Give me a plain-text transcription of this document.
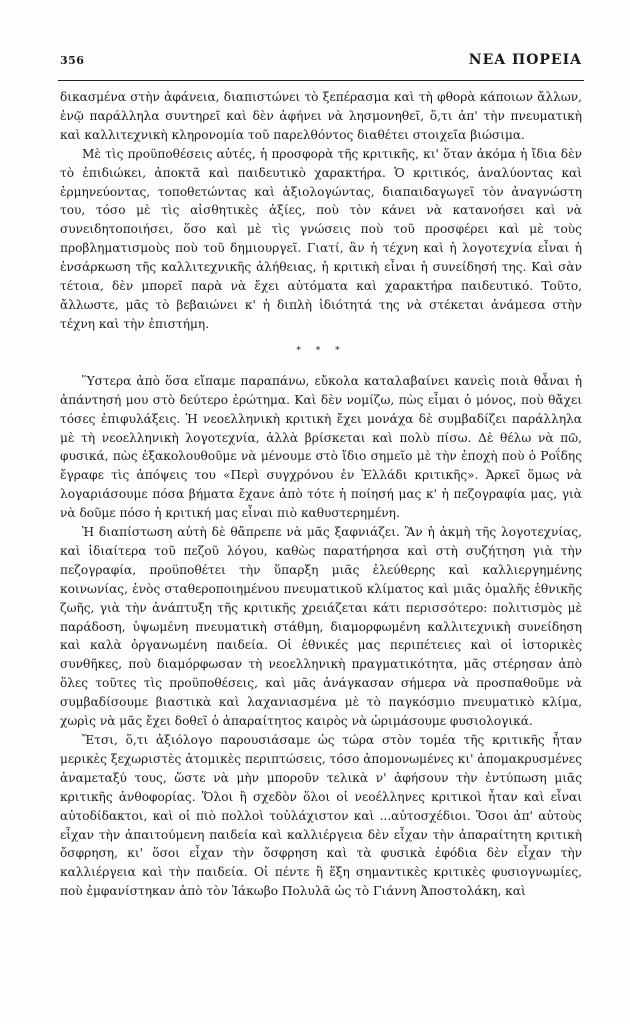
356	ΝΕΑ ΠΟΡΕΙΑ

δικασμένα στὴν ἀφάνεια, διαπιστώνει τὸ ξεπέρασμα καὶ τὴ φθορὰ κάποιων ἄλλων, ἐνῷ παράλληλα συντηρεῖ καὶ δὲν ἀφήνει νὰ λησμονηθεῖ, ὅ,τι ἀπ' τὴν πνευματικὴ καὶ καλλιτεχνικὴ κληρονομία τοῦ παρελθόντος διαθέτει στοιχεῖα βιώσιμα.

Μὲ τὶς προϋποθέσεις αὐτές, ἡ προσφορὰ τῆς κριτικῆς, κι' ὅταν ἀκόμα ἡ ἴδια δὲν τὸ ἐπιδιώκει, ἀποκτᾶ καὶ παιδευτικὸ χαρακτήρα. Ὁ κριτικός, ἀναλύοντας καὶ ἑρμηνεύοντας, τοποθετώντας καὶ ἀξιολογώντας, διαπαιδαγωγεῖ τὸν ἀναγνώστη του, τόσο μὲ τὶς αἰσθητικὲς ἀξίες, ποὺ τὸν κάνει νὰ κατανοήσει καὶ νὰ συνειδητοποιήσει, ὅσο καὶ μὲ τὶς γνώσεις ποὺ τοῦ προσφέρει καὶ μὲ τοὺς προβληματισμοὺς ποὺ τοῦ δημιουργεῖ. Γιατί, ἂν ἡ τέχνη καὶ ἡ λογοτεχνία εἶναι ἡ ἐνσάρκωση τῆς καλλιτεχνικῆς ἀλήθειας, ἡ κριτικὴ εἶναι ἡ συνείδησή της. Καὶ σὰν τέτοια, δὲν μπορεῖ παρὰ νὰ ἔχει αὐτόματα καὶ χαρακτήρα παιδευτικό. Τοῦτο, ἄλλωστε, μᾶς τὸ βεβαιώνει κ' ἡ διπλὴ ἰδιότητά της νὰ στέκεται ἀνάμεσα στὴν τέχνη καὶ τὴν ἐπιστήμη.

* * *

Ὕστερα ἀπὸ ὅσα εἴπαμε παραπάνω, εὔκολα καταλαβαίνει κανεὶς ποιὰ θἆναι ἡ ἀπάντησή μου στὸ δεύτερο ἐρώτημα. Καὶ δὲν νομίζω, πὼς εἶμαι ὁ μόνος, ποὺ θἄχει τόσες ἐπιφυλάξεις. Ἡ νεοελληνικὴ κριτικὴ ἔχει μονάχα δὲ συμβαδίζει παράλληλα μὲ τὴ νεοελληνικὴ λογοτεχνία, ἀλλὰ βρίσκεται καὶ πολὺ πίσω. Δὲ θέλω νὰ πῶ, φυσικά, πὼς ἐξακολουθοῦμε νὰ μένουμε στὸ ἴδιο σημεῖο μὲ τὴν ἐποχὴ ποὺ ὁ Ροΐδης ἔγραφε τὶς ἀπόψεις του «Περὶ συγχρόνου ἐν Ἑλλάδι κριτικῆς». Ἀρκεῖ ὅμως νὰ λογαριάσουμε πόσα βήματα ἔχανε ἀπὸ τότε ἡ ποίησή μας κ' ἡ πεζογραφία μας, γιὰ νὰ δοῦμε πόσο ἡ κριτική μας εἶναι πιὸ καθυστερημένη.

Ἡ διαπίστωση αὐτὴ δὲ θἄπρεπε νὰ μᾶς ξαφνιάζει. Ἂν ἡ ἀκμὴ τῆς λογοτεχνίας, καὶ ἰδιαίτερα τοῦ πεζοῦ λόγου, καθὼς παρατήρησα καὶ στὴ συζήτηση γιὰ τὴν πεζογραφία, προϋποθέτει τὴν ὕπαρξη μιᾶς ἐλεύθερης καὶ καλλιεργημένης κοινωνίας, ἑνὸς σταθεροποιημένου πνευματικοῦ κλίματος καὶ μιᾶς ὁμαλῆς ἐθνικῆς ζωῆς, γιὰ τὴν ἀνάπτυξη τῆς κριτικῆς χρειάζεται κάτι περισσότερο: πολιτισμὸς μὲ παράδοση, ὑψωμένη πνευματικὴ στάθμη, διαμορφωμένη καλλιτεχνικὴ συνείδηση καὶ καλὰ ὀργανωμένη παιδεία. Οἱ ἐθνικές μας περιπέτειες καὶ οἱ ἱστορικὲς συνθῆκες, ποὺ διαμόρφωσαν τὴ νεοελληνικὴ πραγματικότητα, μᾶς στέρησαν ἀπὸ ὅλες τοῦτες τὶς προϋποθέσεις, καὶ μᾶς ἀνάγκασαν σήμερα νὰ προσπαθοῦμε νὰ συμβαδίσουμε βιαστικὰ καὶ λαχανιασμένα μὲ τὸ παγκόσμιο πνευματικὸ κλίμα, χωρὶς νὰ μᾶς ἔχει δοθεῖ ὁ ἀπαραίτητος καιρὸς νὰ ὡριμάσουμε φυσιολογικά.

Ἔτσι, ὅ,τι ἀξιόλογο παρουσιάσαμε ὡς τώρα στὸν τομέα τῆς κριτικῆς ἦταν μερικὲς ξεχωριστὲς ἀτομικὲς περιπτώσεις, τόσο ἀπομονωμένες κι' ἀπομακρυσμένες ἀναμεταξύ τους, ὥστε νὰ μὴν μποροῦν τελικὰ ν' ἀφήσουν τὴν ἐντύπωση μιᾶς κριτικῆς ἀνθοφορίας. Ὅλοι ἢ σχεδὸν ὅλοι οἱ νεοέλληνες κριτικοὶ ἦταν καὶ εἶναι αὐτοδίδακτοι, καὶ οἱ πιὸ πολλοὶ τοὐλάχιστον καὶ ...αὐτοσχέδιοι. Ὅσοι ἀπ' αὐτοὺς εἶχαν τὴν ἀπαιτούμενη παιδεία καὶ καλλιέργεια δὲν εἶχαν τὴν ἀπαραίτητη κριτικὴ ὄσφρηση, κι' ὅσοι εἶχαν τὴν ὄσφρηση καὶ τὰ φυσικὰ ἐφόδια δὲν εἶχαν τὴν καλλιέργεια καὶ τὴν παιδεία. Οἱ πέντε ἢ ἕξη σημαντικὲς κριτικὲς φυσιογνωμίες, ποὺ ἐμφανίστηκαν ἀπὸ τὸν Ἰάκωβο Πολυλᾶ ὡς τὸ Γιάννη Ἀποστολάκη, καὶ
